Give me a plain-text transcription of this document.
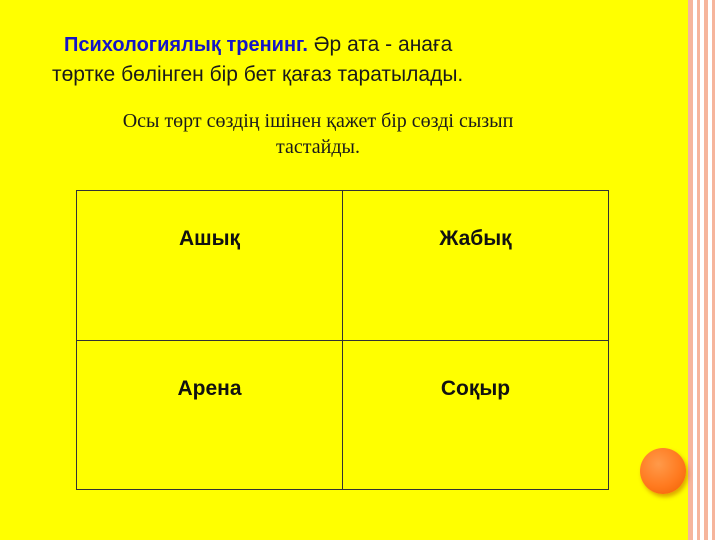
Психологиялық тренинг. Әр ата - анаға
төртке бөлінген бір бет қағаз таратылады.
Осы төрт сөздің ішінен қажет бір сөзді сызып
тастайды.
Ашық	Жабық

Арена	Соқыр
